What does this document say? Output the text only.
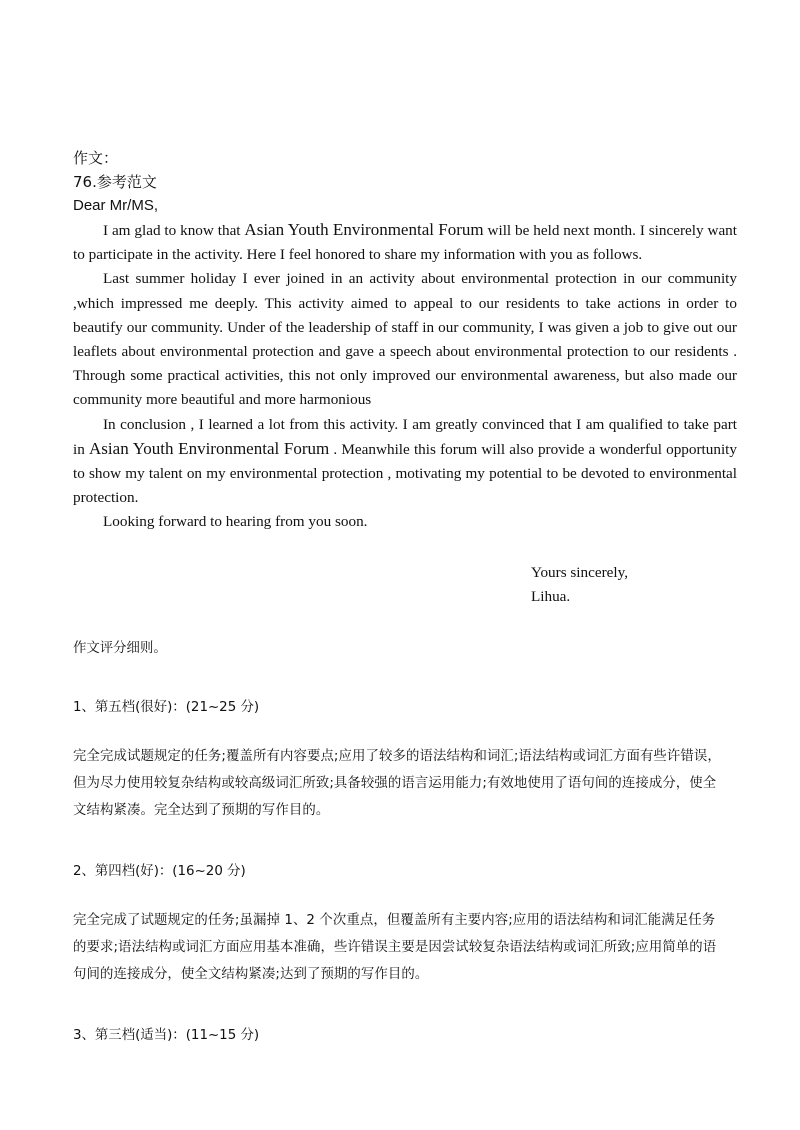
作文：
76.参考范文
Dear Mr/MS,

I am glad to know that Asian Youth Environmental Forum will be held next month. I sincerely want to participate in the activity. Here I feel honored to share my information with you as follows.

Last summer holiday I ever joined in an activity about environmental protection in our community ,which impressed me deeply. This activity aimed to appeal to our residents to take actions in order to beautify our community. Under of the leadership of staff in our community, I was given a job to give out our leaflets about environmental protection and gave a speech about environmental protection to our residents . Through some practical activities, this not only improved our environmental awareness, but also made our community more beautiful and more harmonious

In conclusion , I learned a lot from this activity. I am greatly convinced that I am qualified to take part in Asian Youth Environmental Forum . Meanwhile this forum will also provide a wonderful opportunity to show my talent on my environmental protection , motivating my potential to be devoted to environmental protection.

Looking forward to hearing from you soon.

Yours sincerely,
Lihua.
作文评分细则。
1、第五档(很好)：(21~25 分)
完全完成试题规定的任务;覆盖所有内容要点;应用了较多的语法结构和词汇;语法结构或词汇方面有些许错误，
但为尽力使用较复杂结构或较高级词汇所致;具备较强的语言运用能力;有效地使用了语句间的连接成分，使全
文结构紧凑。完全达到了预期的写作目的。
2、第四档(好)：(16~20 分)
完全完成了试题规定的任务;虽漏掉 1、2 个次重点，但覆盖所有主要内容;应用的语法结构和词汇能满足任务
的要求;语法结构或词汇方面应用基本准确，些许错误主要是因尝试较复杂语法结构或词汇所致;应用简单的语
句间的连接成分，使全文结构紧凑;达到了预期的写作目的。
3、第三档(适当)：(11~15 分)
